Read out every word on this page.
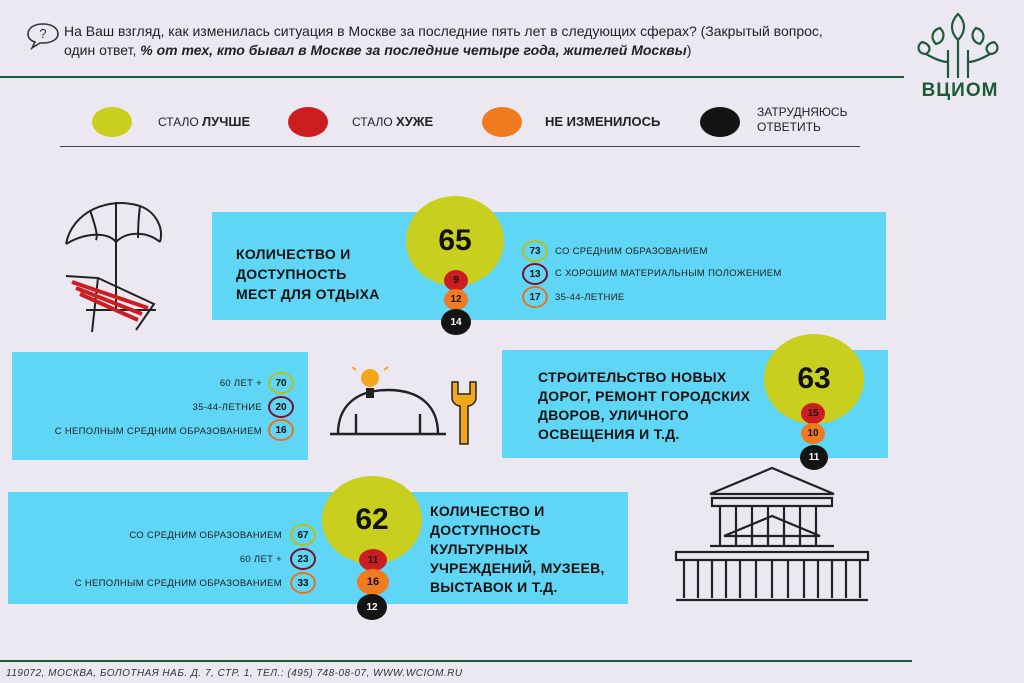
? На Ваш взгляд, как изменилась ситуация в Москве за последние пять лет в следующих сферах? (Закрытый вопрос, один ответ, % от тех, кто бывал в Москве за последние четыре года, жителей Москвы)
ВЦИОМ
СТАЛО ЛУЧШЕ	СТАЛО ХУЖЕ	НЕ ИЗМЕНИЛОСЬ
ЗАТРУДНЯЮСЬ
ОТВЕТИТЬ
КОЛИЧЕСТВО И
ДОСТУПНОСТЬ
МЕСТ ДЛЯ ОТДЫХА
65
9
12
14
73	СО СРЕДНИМ ОБРАЗОВАНИЕМ
13	С ХОРОШИМ МАТЕРИАЛЬНЫМ ПОЛОЖЕНИЕМ
17	35-44-ЛЕТНИЕ
60 ЛЕТ +	70
35-44-ЛЕТНИЕ	20
С НЕПОЛНЫМ СРЕДНИМ ОБРАЗОВАНИЕМ	16
СТРОИТЕЛЬСТВО НОВЫХ
ДОРОГ, РЕМОНТ ГОРОДСКИХ
ДВОРОВ, УЛИЧНОГО
ОСВЕЩЕНИЯ И Т.Д.
63
15
10
11
СО СРЕДНИМ ОБРАЗОВАНИЕМ	67
60 ЛЕТ +	23
С НЕПОЛНЫМ СРЕДНИМ ОБРАЗОВАНИЕМ	33
62
11
16
12
КОЛИЧЕСТВО И
ДОСТУПНОСТЬ
КУЛЬТУРНЫХ
УЧРЕЖДЕНИЙ, МУЗЕЕВ,
ВЫСТАВОК И Т.Д.
119072, МОСКВА, БОЛОТНАЯ НАБ. Д. 7, СТР. 1, ТЕЛ.: (495) 748-08-07, WWW.WCIOM.RU
